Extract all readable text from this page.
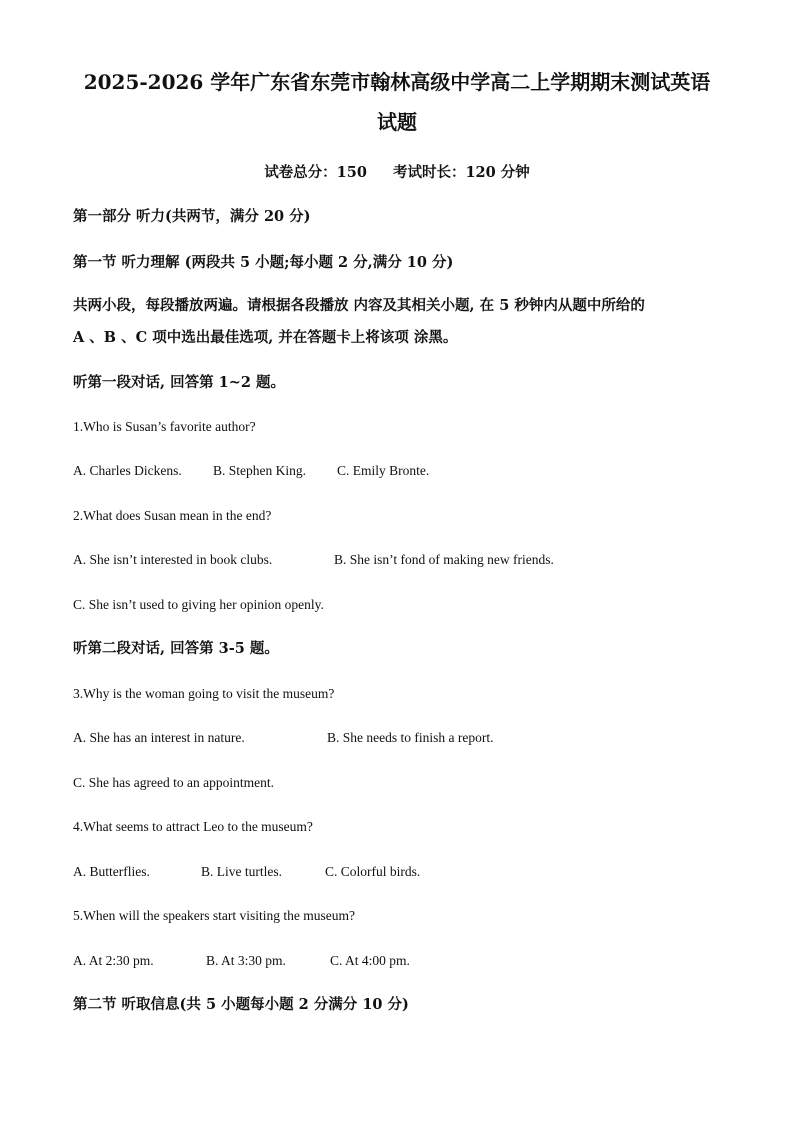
2025-2026 学年广东省东莞市翰林高级中学高二上学期期末测试英语
试题
试卷总分：150 考试时长：120 分钟
第一部分 听力(共两节，满分 20 分)
第一节 听力理解 (两段共 5 小题;每小题 2 分,满分 10 分)
共两小段，每段播放两遍。请根据各段播放 内容及其相关小题, 在 5 秒钟内从题中所给的
A 、B 、C 项中选出最佳选项, 并在答题卡上将该项 涂黑。
听第一段对话, 回答第 1~2 题。
1.Who is Susan’s favorite author?
A. Charles Dickens. B. Stephen King. C. Emily Bronte.
2.What does Susan mean in the end?
A. She isn’t interested in book clubs.	B. She isn’t fond of making new friends.
C. She isn’t used to giving her opinion openly.
听第二段对话, 回答第 3-5 题。
3.Why is the woman going to visit the museum?
A. She has an interest in nature.	B. She needs to finish a report.
C. She has agreed to an appointment.
4.What seems to attract Leo to the museum?
A. Butterflies.	B. Live turtles.	C. Colorful birds.
5.When will the speakers start visiting the museum?
A. At 2:30 pm.	B. At 3:30 pm.	C. At 4:00 pm.
第二节 听取信息(共 5 小题每小题 2 分满分 10 分)
